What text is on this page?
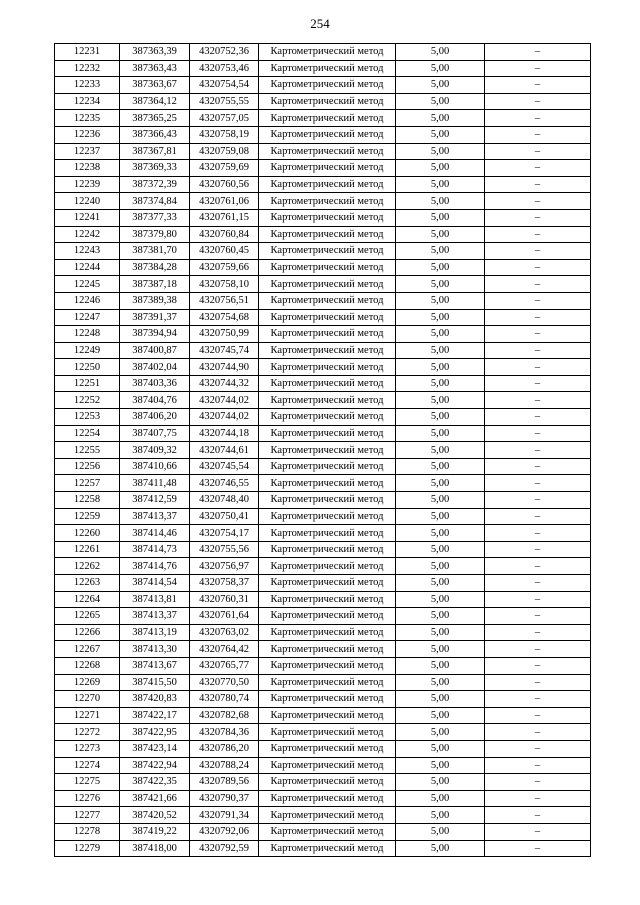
254
12231	387363,39	4320752,36	Картометрический метод	5,00	–
12232	387363,43	4320753,46	Картометрический метод	5,00	–
12233	387363,67	4320754,54	Картометрический метод	5,00	–
12234	387364,12	4320755,55	Картометрический метод	5,00	–
12235	387365,25	4320757,05	Картометрический метод	5,00	–
12236	387366,43	4320758,19	Картометрический метод	5,00	–
12237	387367,81	4320759,08	Картометрический метод	5,00	–
12238	387369,33	4320759,69	Картометрический метод	5,00	–
12239	387372,39	4320760,56	Картометрический метод	5,00	–
12240	387374,84	4320761,06	Картометрический метод	5,00	–
12241	387377,33	4320761,15	Картометрический метод	5,00	–
12242	387379,80	4320760,84	Картометрический метод	5,00	–
12243	387381,70	4320760,45	Картометрический метод	5,00	–
12244	387384,28	4320759,66	Картометрический метод	5,00	–
12245	387387,18	4320758,10	Картометрический метод	5,00	–
12246	387389,38	4320756,51	Картометрический метод	5,00	–
12247	387391,37	4320754,68	Картометрический метод	5,00	–
12248	387394,94	4320750,99	Картометрический метод	5,00	–
12249	387400,87	4320745,74	Картометрический метод	5,00	–
12250	387402,04	4320744,90	Картометрический метод	5,00	–
12251	387403,36	4320744,32	Картометрический метод	5,00	–
12252	387404,76	4320744,02	Картометрический метод	5,00	–
12253	387406,20	4320744,02	Картометрический метод	5,00	–
12254	387407,75	4320744,18	Картометрический метод	5,00	–
12255	387409,32	4320744,61	Картометрический метод	5,00	–
12256	387410,66	4320745,54	Картометрический метод	5,00	–
12257	387411,48	4320746,55	Картометрический метод	5,00	–
12258	387412,59	4320748,40	Картометрический метод	5,00	–
12259	387413,37	4320750,41	Картометрический метод	5,00	–
12260	387414,46	4320754,17	Картометрический метод	5,00	–
12261	387414,73	4320755,56	Картометрический метод	5,00	–
12262	387414,76	4320756,97	Картометрический метод	5,00	–
12263	387414,54	4320758,37	Картометрический метод	5,00	–
12264	387413,81	4320760,31	Картометрический метод	5,00	–
12265	387413,37	4320761,64	Картометрический метод	5,00	–
12266	387413,19	4320763,02	Картометрический метод	5,00	–
12267	387413,30	4320764,42	Картометрический метод	5,00	–
12268	387413,67	4320765,77	Картометрический метод	5,00	–
12269	387415,50	4320770,50	Картометрический метод	5,00	–
12270	387420,83	4320780,74	Картометрический метод	5,00	–
12271	387422,17	4320782,68	Картометрический метод	5,00	–
12272	387422,95	4320784,36	Картометрический метод	5,00	–
12273	387423,14	4320786,20	Картометрический метод	5,00	–
12274	387422,94	4320788,24	Картометрический метод	5,00	–
12275	387422,35	4320789,56	Картометрический метод	5,00	–
12276	387421,66	4320790,37	Картометрический метод	5,00	–
12277	387420,52	4320791,34	Картометрический метод	5,00	–
12278	387419,22	4320792,06	Картометрический метод	5,00	–
12279	387418,00	4320792,59	Картометрический метод	5,00	–
